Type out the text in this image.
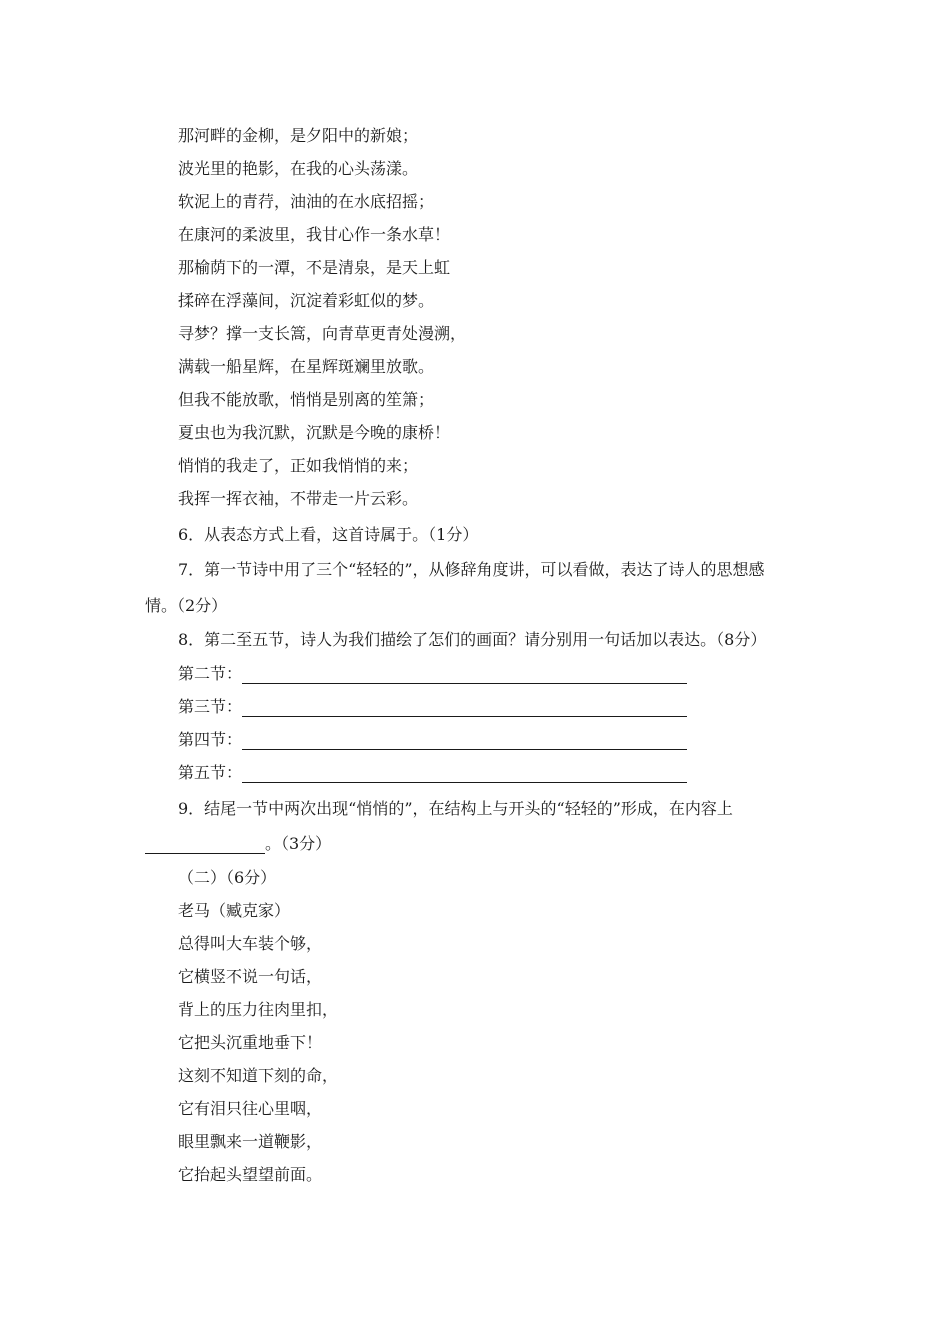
那河畔的金柳，是夕阳中的新娘；
波光里的艳影，在我的心头荡漾。
软泥上的青荇，油油的在水底招摇；
在康河的柔波里，我甘心作一条水草！
那榆荫下的一潭，不是清泉，是天上虹
揉碎在浮藻间，沉淀着彩虹似的梦。
寻梦？撑一支长篙，向青草更青处漫溯，
满载一船星辉，在星辉斑斓里放歌。
但我不能放歌，悄悄是别离的笙箫；
夏虫也为我沉默，沉默是今晚的康桥！
悄悄的我走了，正如我悄悄的来；
我挥一挥衣袖，不带走一片云彩。
6．从表态方式上看，这首诗属于。（1分）
7．第一节诗中用了三个“轻轻的”，从修辞角度讲，可以看做，表达了诗人的思想感
情。（2分）
8．第二至五节，诗人为我们描绘了怎们的画面？请分别用一句话加以表达。（8分）
第二节：
第三节：
第四节：
第五节：
9．结尾一节中两次出现“悄悄的”，在结构上与开头的“轻轻的”形成，在内容上
。（3分）
（二）（6分）
老马（臧克家）
总得叫大车装个够，
它横竖不说一句话，
背上的压力往肉里扣，
它把头沉重地垂下！
这刻不知道下刻的命，
它有泪只往心里咽，
眼里飘来一道鞭影，
它抬起头望望前面。
